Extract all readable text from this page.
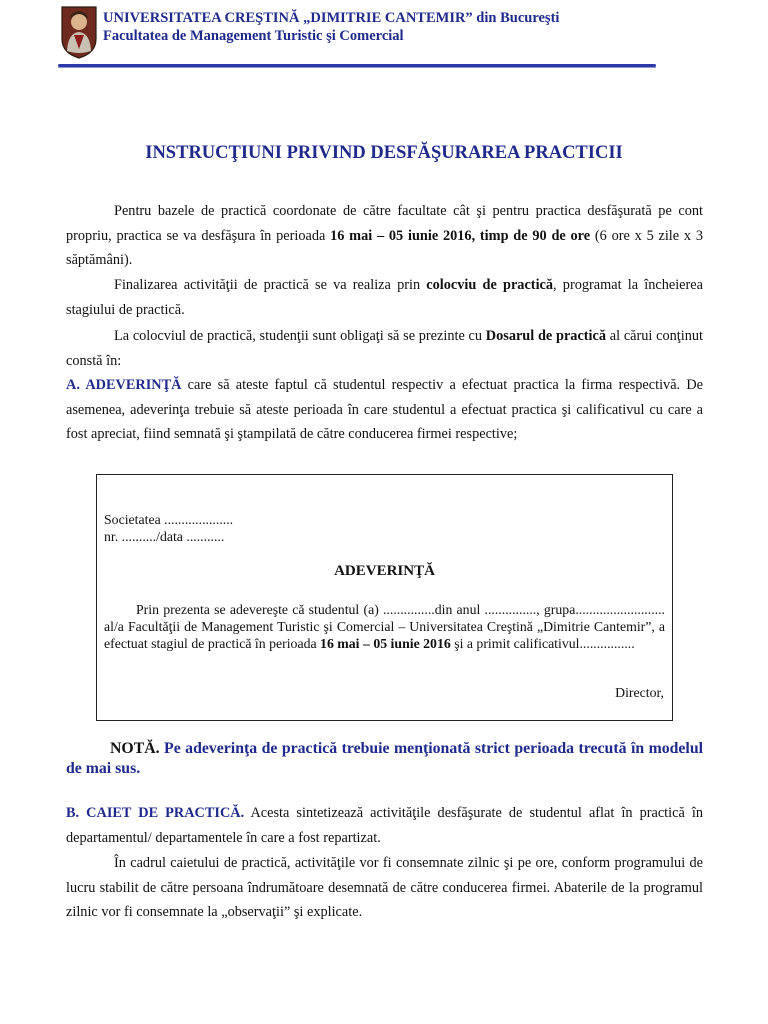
UNIVERSITATEA CREŞTINĂ „DIMITRIE CANTEMIR” din Bucureşti
Facultatea de Management Turistic şi Comercial
INSTRUCŢIUNI PRIVIND DESFĂŞURAREA PRACTICII
Pentru bazele de practică coordonate de către facultate cât şi pentru practica desfăşurată pe cont propriu, practica se va desfăşura în perioada 16 mai – 05 iunie 2016, timp de 90 de ore (6 ore x 5 zile x 3 săptămâni).
Finalizarea activităţii de practică se va realiza prin colocviu de practică, programat la încheierea stagiului de practică.
La colocviul de practică, studenţii sunt obligaţi să se prezinte cu Dosarul de practică al cărui conţinut constă în:
A. ADEVERINŢĂ care să ateste faptul că studentul respectiv a efectuat practica la firma respectivă. De asemenea, adeverinţa trebuie să ateste perioada în care studentul a efectuat practica şi calificativul cu care a fost apreciat, fiind semnată şi ştampilată de către conducerea firmei respective;
Societatea ....................
nr. ........../data ...........
ADEVERINŢĂ
Prin prezenta se adevereşte că studentul (a) ...............din anul ..............., grupa.......................... al/a Facultăţii de Management Turistic şi Comercial – Universitatea Creştină „Dimitrie Cantemir”, a efectuat stagiul de practică în perioada 16 mai – 05 iunie 2016 şi a primit calificativul................
Director,
NOTĂ. Pe adeverinţa de practică trebuie menţionată strict perioada trecută în modelul de mai sus.
B. CAIET DE PRACTICĂ. Acesta sintetizează activităţile desfăşurate de studentul aflat în practică în departamentul/ departamentele în care a fost repartizat.
În cadrul caietului de practică, activităţile vor fi consemnate zilnic şi pe ore, conform programului de lucru stabilit de către persoana îndrumătoare desemnată de către conducerea firmei. Abaterile de la programul zilnic vor fi consemnate la „observaţii” şi explicate.
